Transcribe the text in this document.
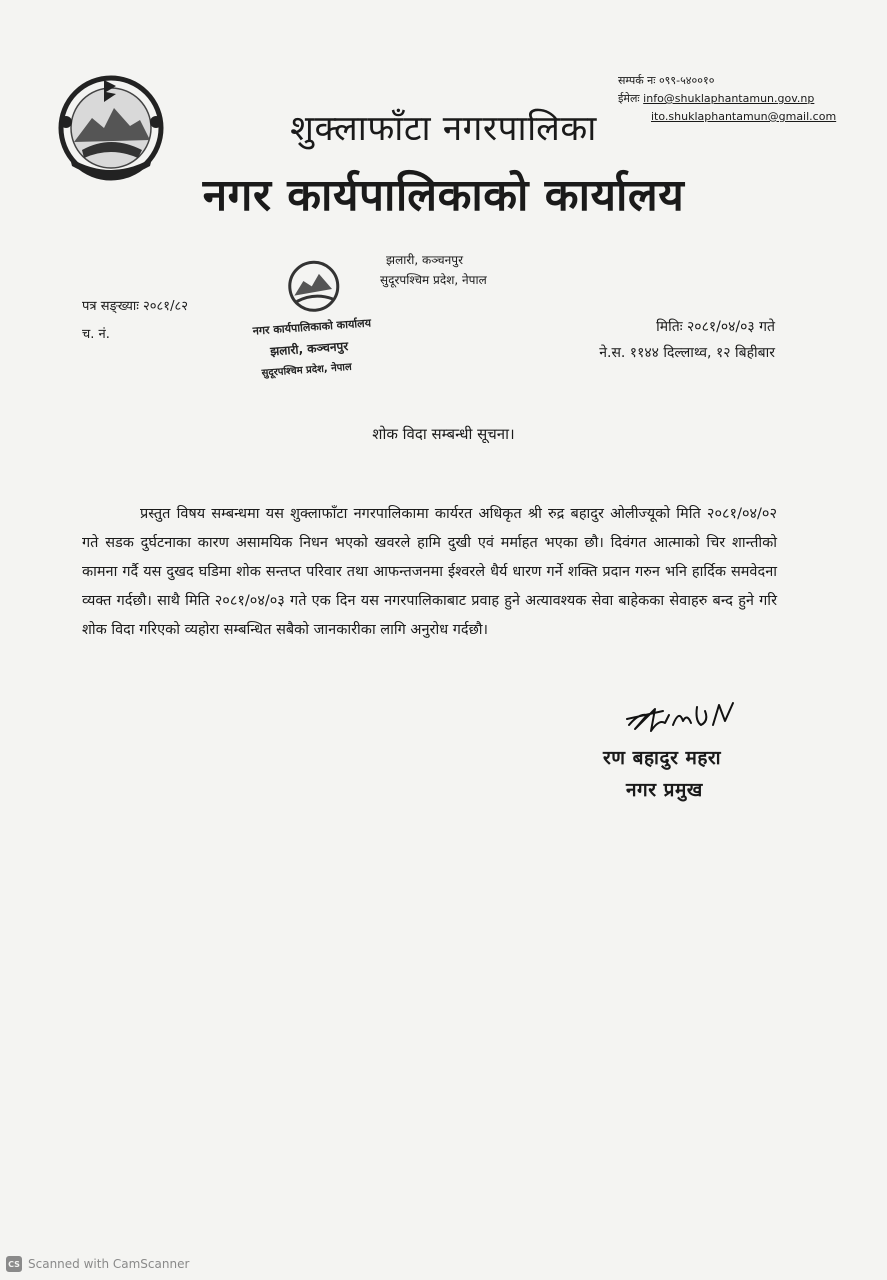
सम्पर्क नः ०९९-५४००१०
ईमेलः info@shuklaphantamun.gov.np
ito.shuklaphantamun@gmail.com
शुक्लाफाँटा नगरपालिका
नगर कार्यपालिकाको कार्यालय
झलारी, कञ्चनपुर
सुदूरपश्चिम प्रदेश, नेपाल
नगर कार्यपालिकाको कार्यालय
झलारी, कञ्चनपुर
सुदूरपश्चिम प्रदेश, नेपाल
पत्र सङ्ख्याः २०८१/८२
च. नं.	मितिः २०८१/०४/०३ गते
ने.स. ११४४ दिल्लाथ्व, १२ बिहीबार
शोक विदा सम्बन्धी सूचना।
प्रस्तुत विषय सम्बन्धमा यस शुक्लाफाँटा नगरपालिकामा कार्यरत अधिकृत श्री रुद्र बहादुर ओलीज्यूको मिति २०८१/०४/०२ गते सडक दुर्घटनाका कारण असामयिक निधन भएको खवरले हामि दुखी एवं मर्माहत भएका छौ। दिवंगत आत्माको चिर शान्तीको कामना गर्दै यस दुखद घडिमा शोक सन्तप्त परिवार तथा आफन्तजनमा ईश्वरले धैर्य धारण गर्ने शक्ति प्रदान गरुन भनि हार्दिक समवेदना व्यक्त गर्दछौ। साथै मिति २०८१/०४/०३ गते एक दिन यस नगरपालिकाबाट प्रवाह हुने अत्यावश्यक सेवा बाहेकका सेवाहरु बन्द हुने गरि शोक विदा गरिएको व्यहोरा सम्बन्धित सबैको जानकारीका लागि अनुरोध गर्दछौ।
रण बहादुर महरा
नगर प्रमुख
CS Scanned with CamScanner
